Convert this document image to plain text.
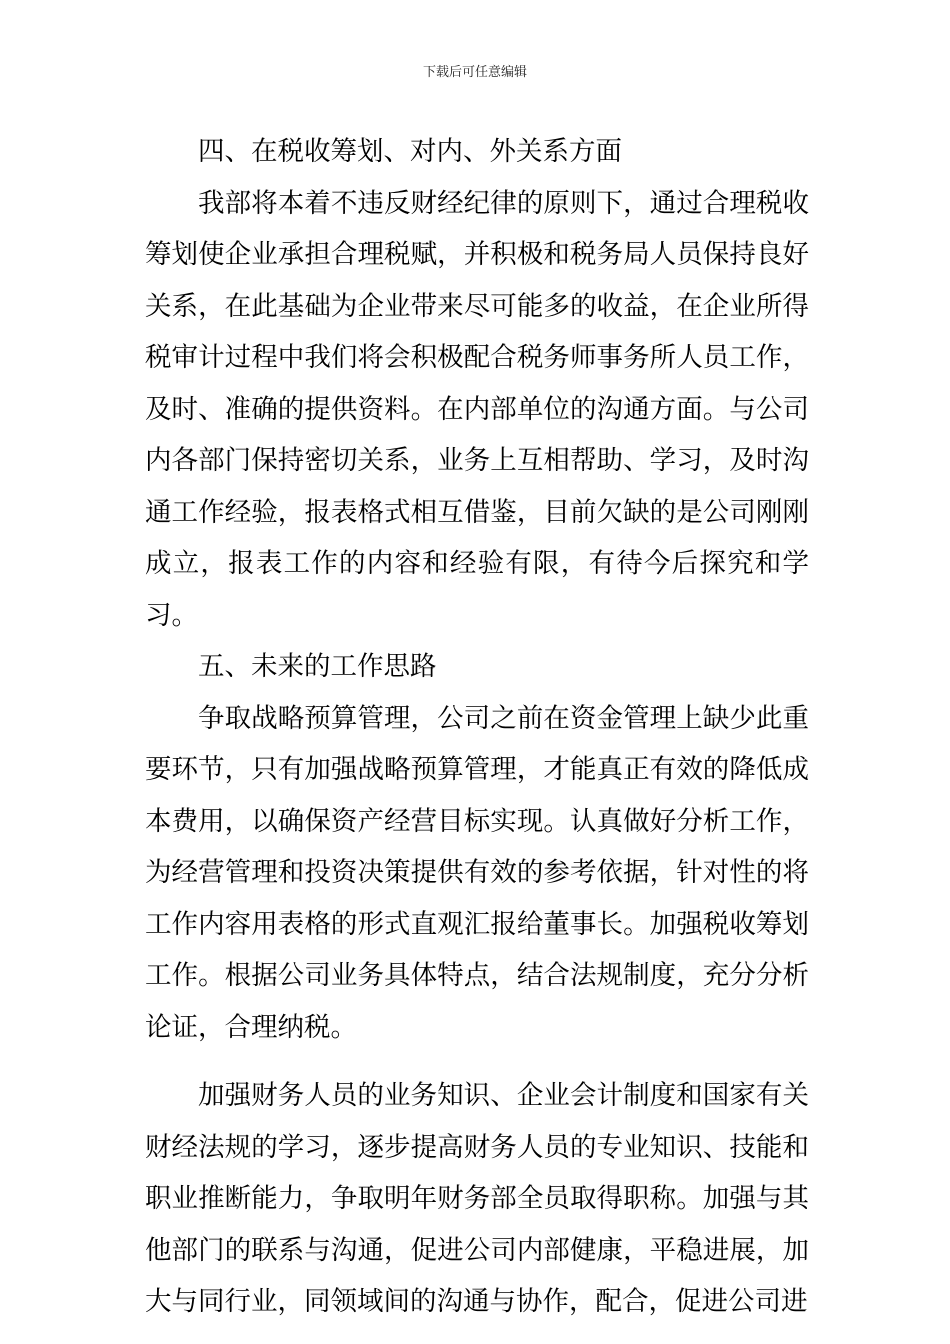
下载后可任意编辑

四、在税收筹划、对内、外关系方面

我部将本着不违反财经纪律的原则下，通过合理税收筹划使企业承担合理税赋，并积极和税务局人员保持良好关系，在此基础为企业带来尽可能多的收益，在企业所得税审计过程中我们将会积极配合税务师事务所人员工作，及时、准确的提供资料。在内部单位的沟通方面。与公司内各部门保持密切关系，业务上互相帮助、学习，及时沟通工作经验，报表格式相互借鉴，目前欠缺的是公司刚刚成立，报表工作的内容和经验有限，有待今后探究和学习。

五、未来的工作思路

争取战略预算管理，公司之前在资金管理上缺少此重要环节，只有加强战略预算管理，才能真正有效的降低成本费用，以确保资产经营目标实现。认真做好分析工作，为经营管理和投资决策提供有效的参考依据，针对性的将工作内容用表格的形式直观汇报给董事长。加强税收筹划工作。根据公司业务具体特点，结合法规制度，充分分析论证，合理纳税。

加强财务人员的业务知识、企业会计制度和国家有关财经法规的学习，逐步提高财务人员的专业知识、技能和职业推断能力，争取明年财务部全员取得职称。加强与其他部门的联系与沟通，促进公司内部健康，平稳进展，加大与同行业，同领域间的沟通与协作，配合，促进公司进
